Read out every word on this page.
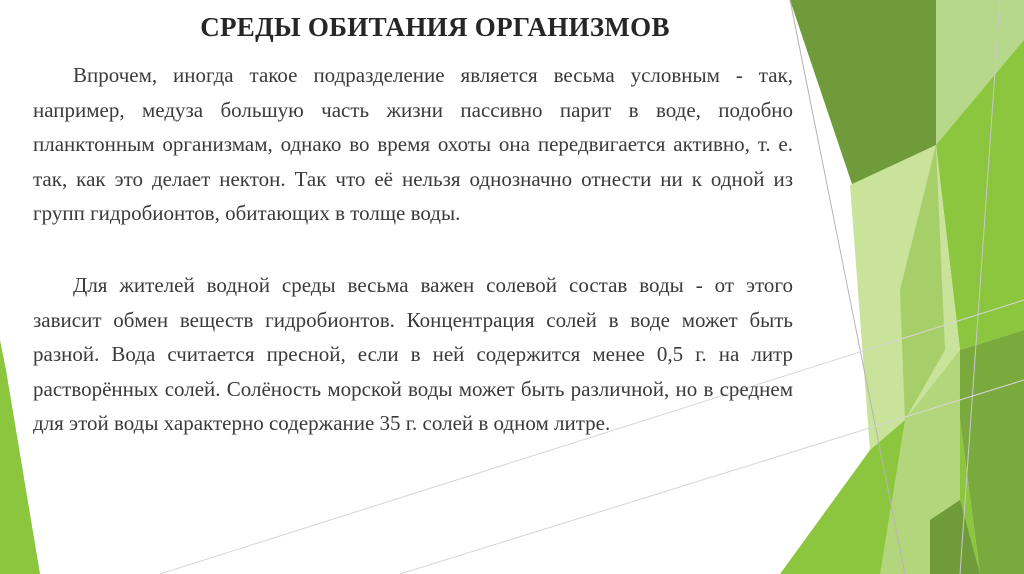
СРЕДЫ ОБИТАНИЯ ОРГАНИЗМОВ

Впрочем, иногда такое подразделение является весьма условным - так, например, медуза большую часть жизни пассивно парит в воде, подобно планктонным организмам, однако во время охоты она передвигается активно, т. е. так, как это делает нектон. Так что её нельзя однозначно отнести ни к одной из групп гидробионтов, обитающих в толще воды.

Для жителей водной среды весьма важен солевой состав воды - от этого зависит обмен веществ гидробионтов. Концентрация солей в воде может быть разной. Вода считается пресной, если в ней содержится менее 0,5 г. на литр растворённых солей. Солёность морской воды может быть различной, но в среднем для этой воды характерно содержание 35 г. солей в одном литре.
